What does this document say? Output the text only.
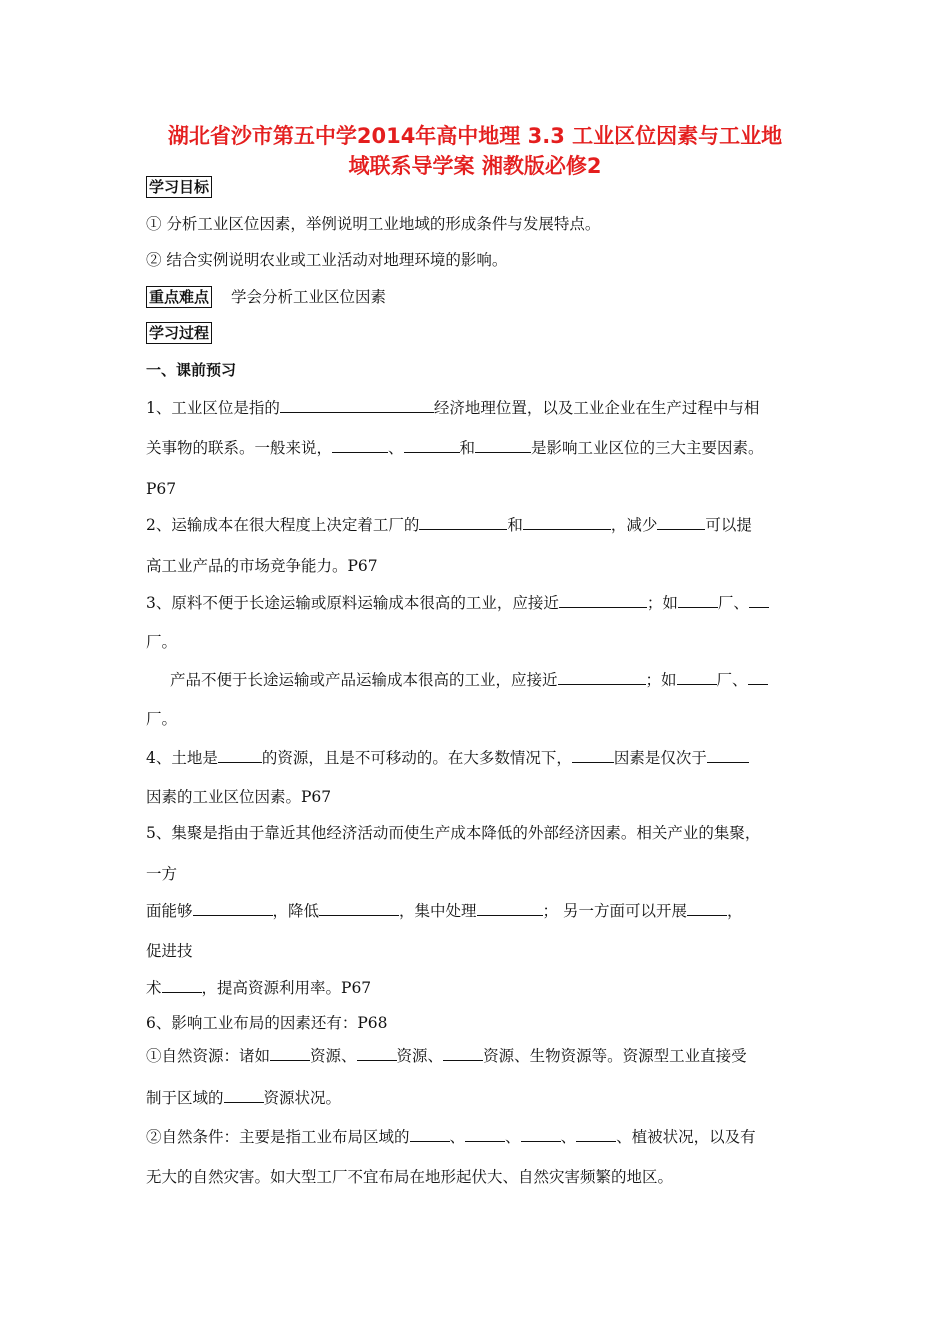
湖北省沙市第五中学2014年高中地理 3.3 工业区位因素与工业地
域联系导学案 湘教版必修2
学习目标
① 分析工业区位因素，举例说明工业地域的形成条件与发展特点。
② 结合实例说明农业或工业活动对地理环境的影响。
重点难点 学会分析工业区位因素
学习过程
一、课前预习
1、工业区位是指的	经济地理位置，以及工业企业在生产过程中与相
关事物的联系。一般来说，	、	和	是影响工业区位的三大主要因素。
P67
2、运输成本在很大程度上决定着工厂的	和	，减少	可以提
高工业产品的市场竞争能力。P67
3、原料不便于长途运输或原料运输成本很高的工业，应接近	；如	厂、
厂。
产品不便于长途运输或产品运输成本很高的工业，应接近	；如	厂、
厂。
4、土地是	的资源，且是不可移动的。在大多数情况下，	因素是仅次于
因素的工业区位因素。P67
5、集聚是指由于靠近其他经济活动而使生产成本降低的外部经济因素。相关产业的集聚，
一方
面能够	，降低	，集中处理	； 另一方面可以开展	，
促进技
术	，提高资源利用率。P67
6、影响工业布局的因素还有：P68
①自然资源：诸如	资源、	资源、	资源、生物资源等。资源型工业直接受
制于区域的	资源状况。
②自然条件：主要是指工业布局区域的	、	、	、	、植被状况，以及有
无大的自然灾害。如大型工厂不宜布局在地形起伏大、自然灾害频繁的地区。
